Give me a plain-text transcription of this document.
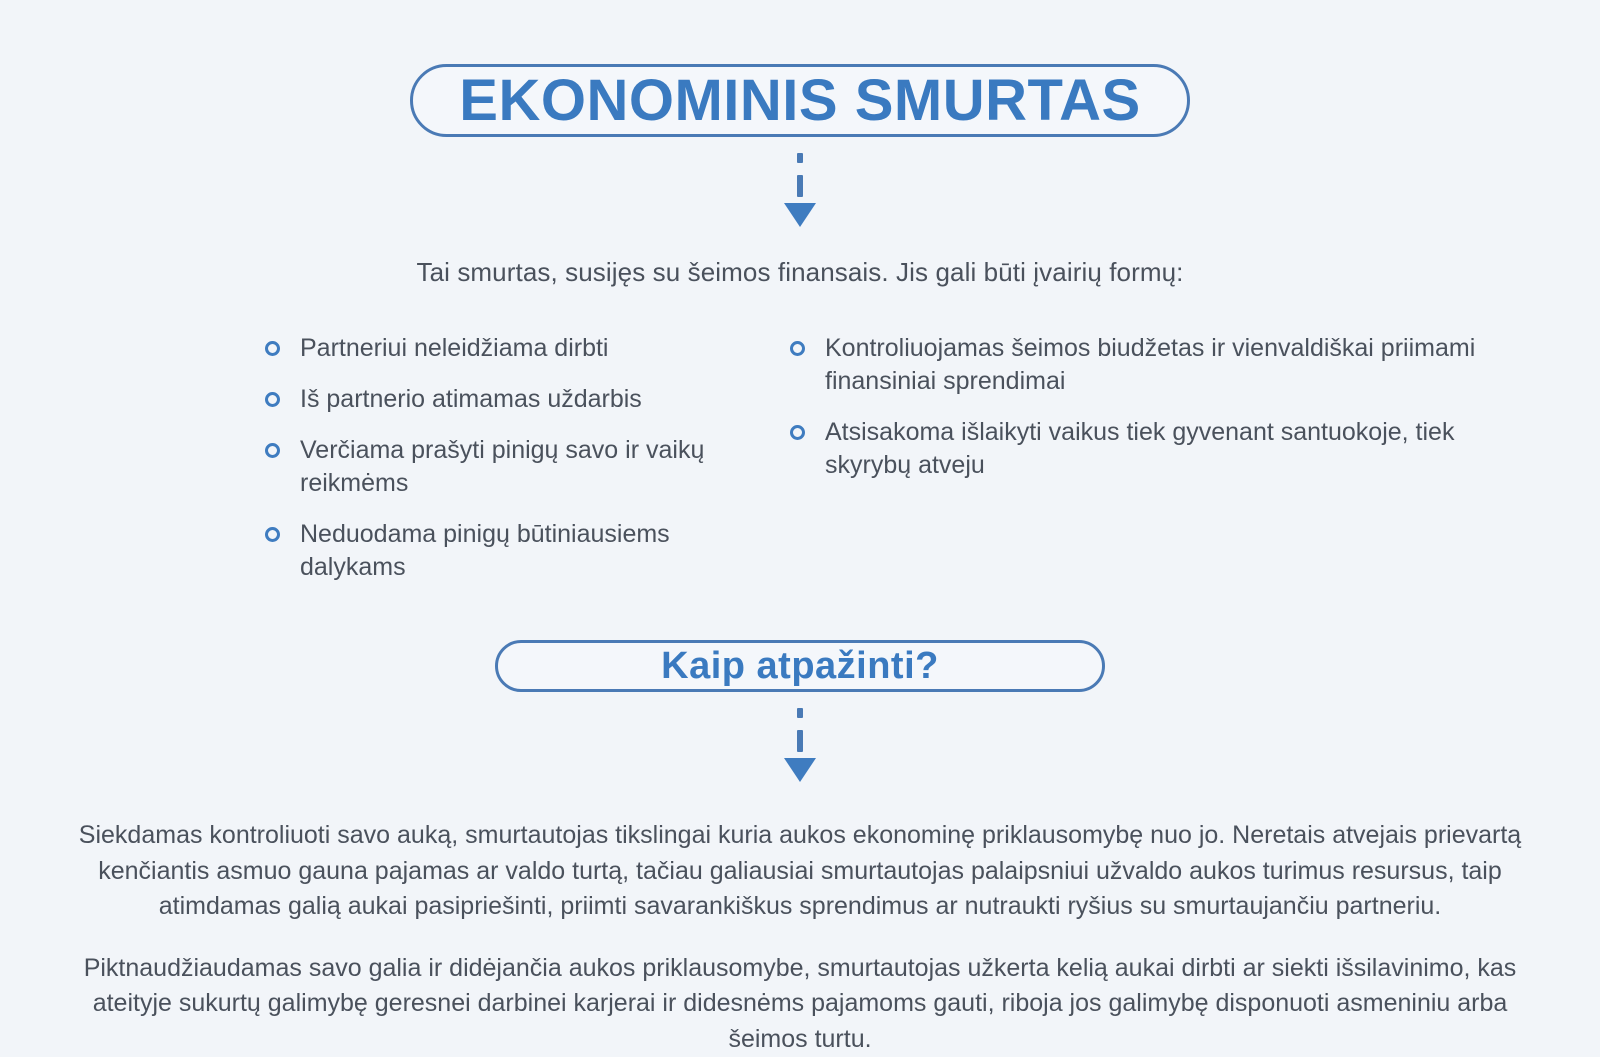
EKONOMINIS SMURTAS
Tai smurtas, susijęs su šeimos finansais. Jis gali būti įvairių formų:
Partneriui neleidžiama dirbti
Iš partnerio atimamas uždarbis
Verčiama prašyti pinigų savo ir vaikų reikmėms
Neduodama pinigų būtiniausiems dalykams
Kontroliuojamas šeimos biudžetas ir vienvaldiškai priimami finansiniai sprendimai
Atsisakoma išlaikyti vaikus tiek gyvenant santuokoje, tiek skyrybų atveju
Kaip atpažinti?
Siekdamas kontroliuoti savo auką, smurtautojas tikslingai kuria aukos ekonominę priklausomybę nuo jo. Neretais atvejais prievartą kenčiantis asmuo gauna pajamas ar valdo turtą, tačiau galiausiai smurtautojas palaipsniui užvaldo aukos turimus resursus, taip atimdamas galią aukai pasipriešinti, priimti savarankiškus sprendimus ar nutraukti ryšius su smurtaujančiu partneriu.
Piktnaudžiaudamas savo galia ir didėjančia aukos priklausomybe, smurtautojas užkerta kelią aukai dirbti ar siekti išsilavinimo, kas ateityje sukurtų galimybę geresnei darbinei karjerai ir didesnėms pajamoms gauti, riboja jos galimybę disponuoti asmeniniu arba šeimos turtu.
